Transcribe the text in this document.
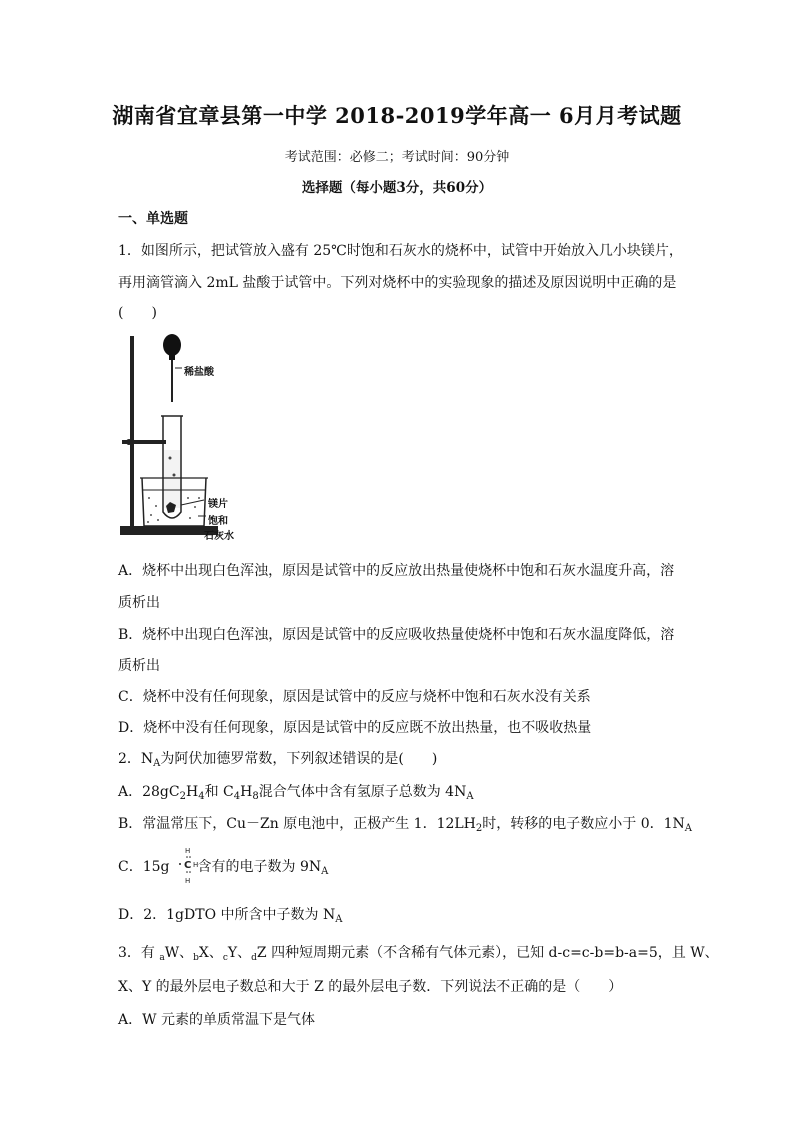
湖南省宜章县第一中学 2018-2019学年高一 6月月考试题
考试范围：必修二；考试时间：90分钟
选择题（每小题3分，共60分）
一、单选题
1．如图所示，把试管放入盛有 25℃时饱和石灰水的烧杯中，试管中开始放入几小块镁片，
再用滴管滴入 2mL 盐酸于试管中。下列对烧杯中的实验现象的描述及原因说明中正确的是
(　　)
稀盐酸
镁片
饱和
石灰水
A．烧杯中出现白色浑浊，原因是试管中的反应放出热量使烧杯中饱和石灰水温度升高，溶
质析出
B．烧杯中出现白色浑浊，原因是试管中的反应吸收热量使烧杯中饱和石灰水温度降低，溶
质析出
C．烧杯中没有任何现象，原因是试管中的反应与烧杯中饱和石灰水没有关系
D．烧杯中没有任何现象，原因是试管中的反应既不放出热量，也不吸收热量
2．$N_A$为阿伏加德罗常数，下列叙述错误的是(　　)
A．$28gC_2H_4$和 $C_4H_8$混合气体中含有氢原子总数为 $4N_A$
B．常温常压下，Cu－Zn 原电池中，正极产生 1．$12LH_2$时，转移的电子数应小于 0．$1N_A$
C．15g 含有的电子数为 $9N_A$
H
C
H
H
D．2．1gDTO 中所含中子数为 $N_A$
3．有 $_a$W、$_b$X、$_c$Y、$_d$Z 四种短周期元素（不含稀有气体元素），已知 d-c=c-b=b-a=5，且 W、
X、Y 的最外层电子数总和大于 Z 的最外层电子数．下列说法不正确的是（　　）
A．W 元素的单质常温下是气体
